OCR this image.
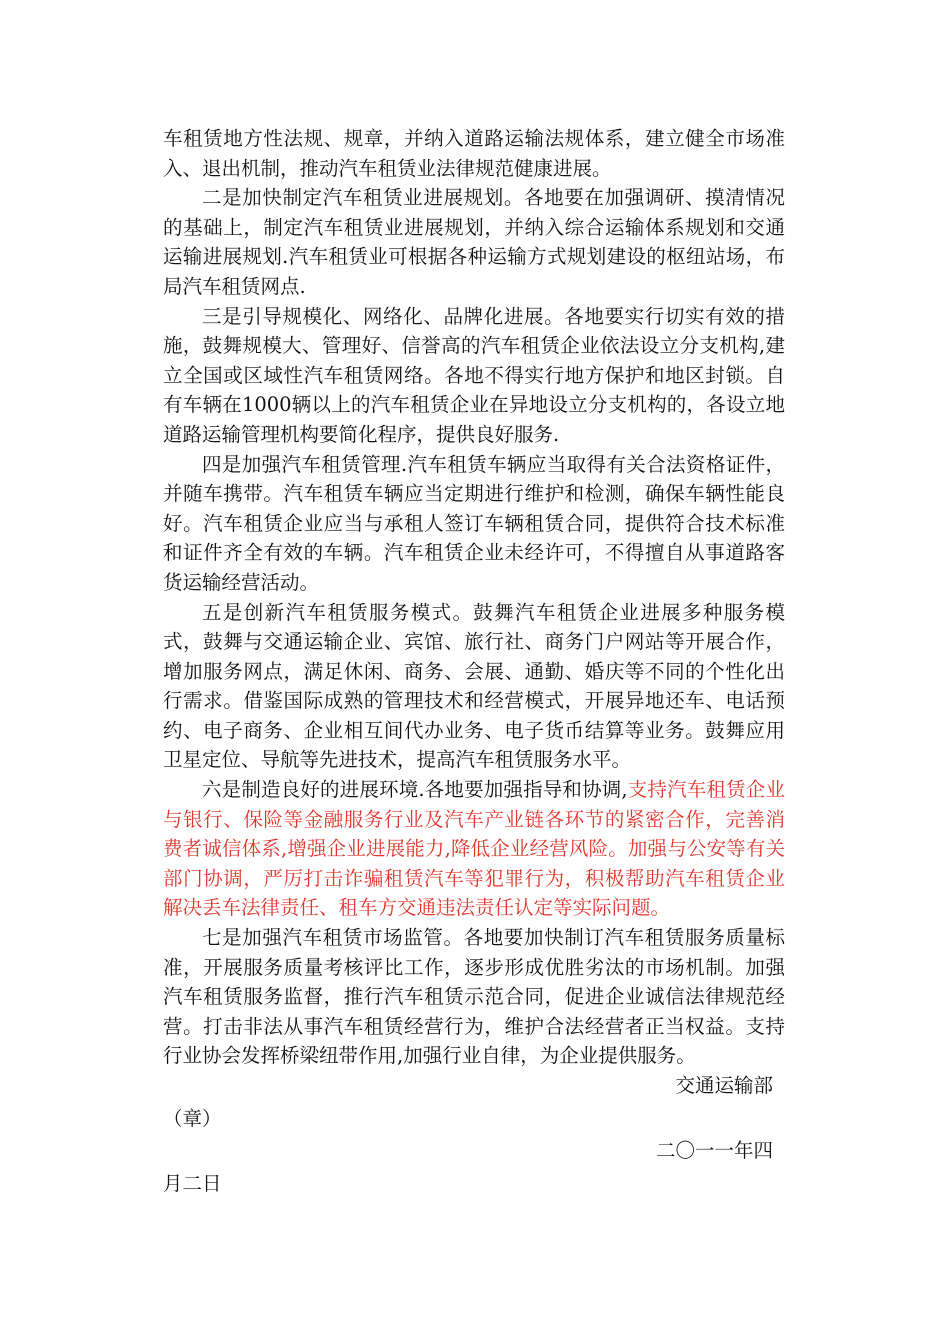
车租赁地方性法规、规章，并纳入道路运输法规体系，建立健全市场准入、退出机制，推动汽车租赁业法律规范健康进展。

二是加快制定汽车租赁业进展规划。各地要在加强调研、摸清情况的基础上，制定汽车租赁业进展规划，并纳入综合运输体系规划和交通运输进展规划.汽车租赁业可根据各种运输方式规划建设的枢纽站场，布局汽车租赁网点.

三是引导规模化、网络化、品牌化进展。各地要实行切实有效的措施，鼓舞规模大、管理好、信誉高的汽车租赁企业依法设立分支机构,建立全国或区域性汽车租赁网络。各地不得实行地方保护和地区封锁。自有车辆在1000辆以上的汽车租赁企业在异地设立分支机构的，各设立地道路运输管理机构要简化程序，提供良好服务.

四是加强汽车租赁管理.汽车租赁车辆应当取得有关合法资格证件，并随车携带。汽车租赁车辆应当定期进行维护和检测，确保车辆性能良好。汽车租赁企业应当与承租人签订车辆租赁合同，提供符合技术标准和证件齐全有效的车辆。汽车租赁企业未经许可，不得擅自从事道路客货运输经营活动。

五是创新汽车租赁服务模式。鼓舞汽车租赁企业进展多种服务模式，鼓舞与交通运输企业、宾馆、旅行社、商务门户网站等开展合作，增加服务网点，满足休闲、商务、会展、通勤、婚庆等不同的个性化出行需求。借鉴国际成熟的管理技术和经营模式，开展异地还车、电话预约、电子商务、企业相互间代办业务、电子货币结算等业务。鼓舞应用卫星定位、导航等先进技术，提高汽车租赁服务水平。

六是制造良好的进展环境.各地要加强指导和协调,支持汽车租赁企业与银行、保险等金融服务行业及汽车产业链各环节的紧密合作，完善消费者诚信体系,增强企业进展能力,降低企业经营风险。加强与公安等有关部门协调，严厉打击诈骗租赁汽车等犯罪行为，积极帮助汽车租赁企业解决丢车法律责任、租车方交通违法责任认定等实际问题。

七是加强汽车租赁市场监管。各地要加快制订汽车租赁服务质量标准，开展服务质量考核评比工作，逐步形成优胜劣汰的市场机制。加强汽车租赁服务监督，推行汽车租赁示范合同，促进企业诚信法律规范经营。打击非法从事汽车租赁经营行为，维护合法经营者正当权益。支持行业协会发挥桥梁纽带作用,加强行业自律，为企业提供服务。

交通运输部

（章）

二〇一一年四

月二日
